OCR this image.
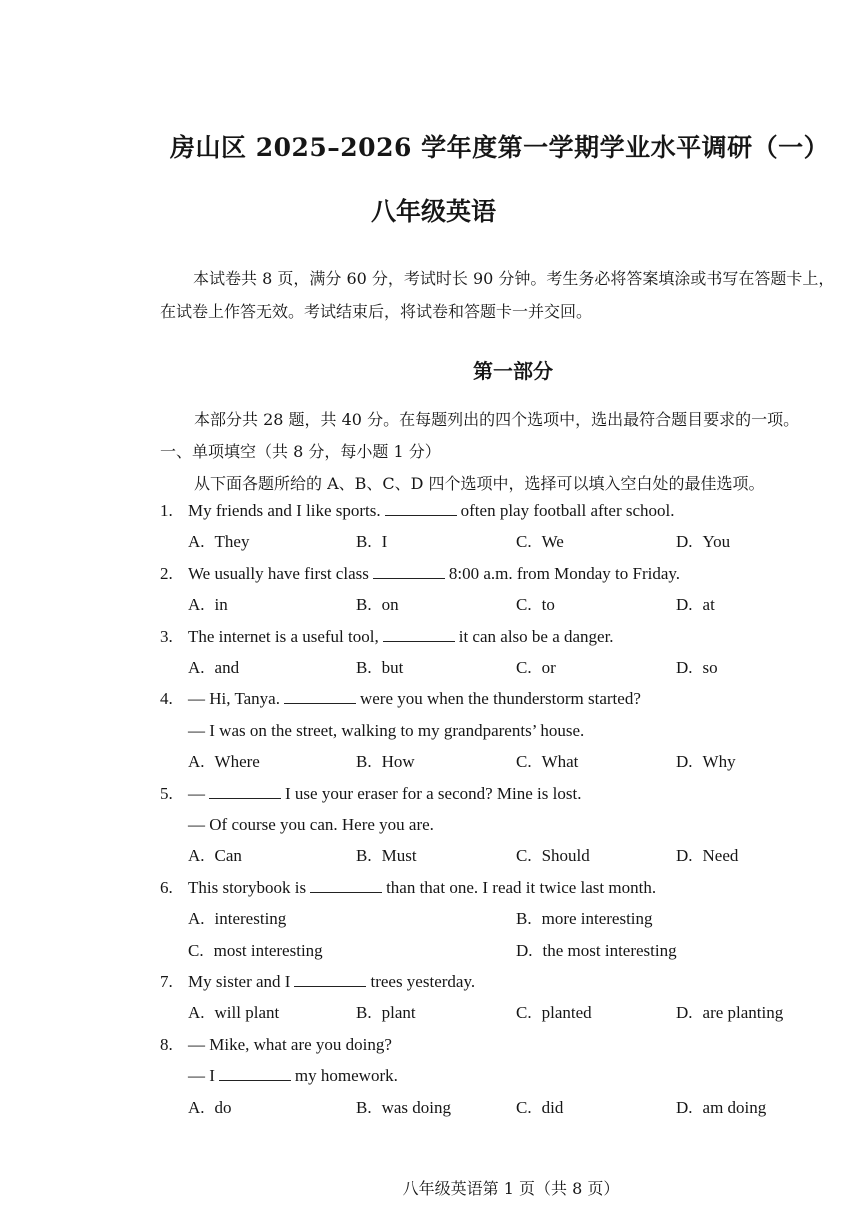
房山区 2025–2026 学年度第一学期学业水平调研（一）
八年级英语
本试卷共 8 页，满分 60 分，考试时长 90 分钟。考生务必将答案填涂或书写在答题卡上，在试卷上作答无效。考试结束后，将试卷和答题卡一并交回。
第一部分
本部分共 28 题，共 40 分。在每题列出的四个选项中，选出最符合题目要求的一项。
一、单项填空（共 8 分，每小题 1 分）
从下面各题所给的 A、B、C、D 四个选项中，选择可以填入空白处的最佳选项。
1. My friends and I like sports.	often play football after school.
A. They	B. I	C. We	D. You
2. We usually have first class	8:00 a.m. from Monday to Friday.
A. in	B. on	C. to	D. at
3. The internet is a useful tool,	it can also be a danger.
A. and	B. but	C. or	D. so
4. — Hi, Tanya.	were you when the thunderstorm started?
— I was on the street, walking to my grandparents’ house.
A. Where	B. How	C. What	D. Why
5. —	I use your eraser for a second? Mine is lost.
— Of course you can. Here you are.
A. Can	B. Must	C. Should	D. Need
6. This storybook is	than that one. I read it twice last month.
A. interesting	B. more interesting
C. most interesting	D. the most interesting
7. My sister and I	trees yesterday.
A. will plant	B. plant	C. planted	D. are planting
8. — Mike, what are you doing?
— I	my homework.
A. do	B. was doing	C. did	D. am doing
八年级英语第 1 页（共 8 页）
